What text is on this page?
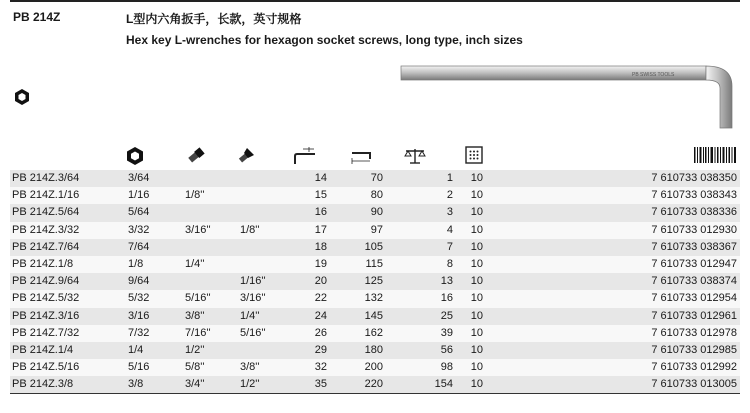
PB 214Z	L型内六角扳手，长款，英寸规格
Hex key L-wrenches for hexagon socket screws, long type, inch sizes
PB SWISS TOOLS
PB 214Z.3/64	3/64			14	70	1	10	7 610733 038350
PB 214Z.1/16	1/16	1/8''		15	80	2	10	7 610733 038343
PB 214Z.5/64	5/64			16	90	3	10	7 610733 038336
PB 214Z.3/32	3/32	3/16''	1/8''	17	97	4	10	7 610733 012930
PB 214Z.7/64	7/64			18	105	7	10	7 610733 038367
PB 214Z.1/8	1/8	1/4''		19	115	8	10	7 610733 012947
PB 214Z.9/64	9/64		1/16''	20	125	13	10	7 610733 038374
PB 214Z.5/32	5/32	5/16''	3/16''	22	132	16	10	7 610733 012954
PB 214Z.3/16	3/16	3/8''	1/4''	24	145	25	10	7 610733 012961
PB 214Z.7/32	7/32	7/16''	5/16''	26	162	39	10	7 610733 012978
PB 214Z.1/4	1/4	1/2''		29	180	56	10	7 610733 012985
PB 214Z.5/16	5/16	5/8''	3/8''	32	200	98	10	7 610733 012992
PB 214Z.3/8	3/8	3/4''	1/2''	35	220	154	10	7 610733 013005
